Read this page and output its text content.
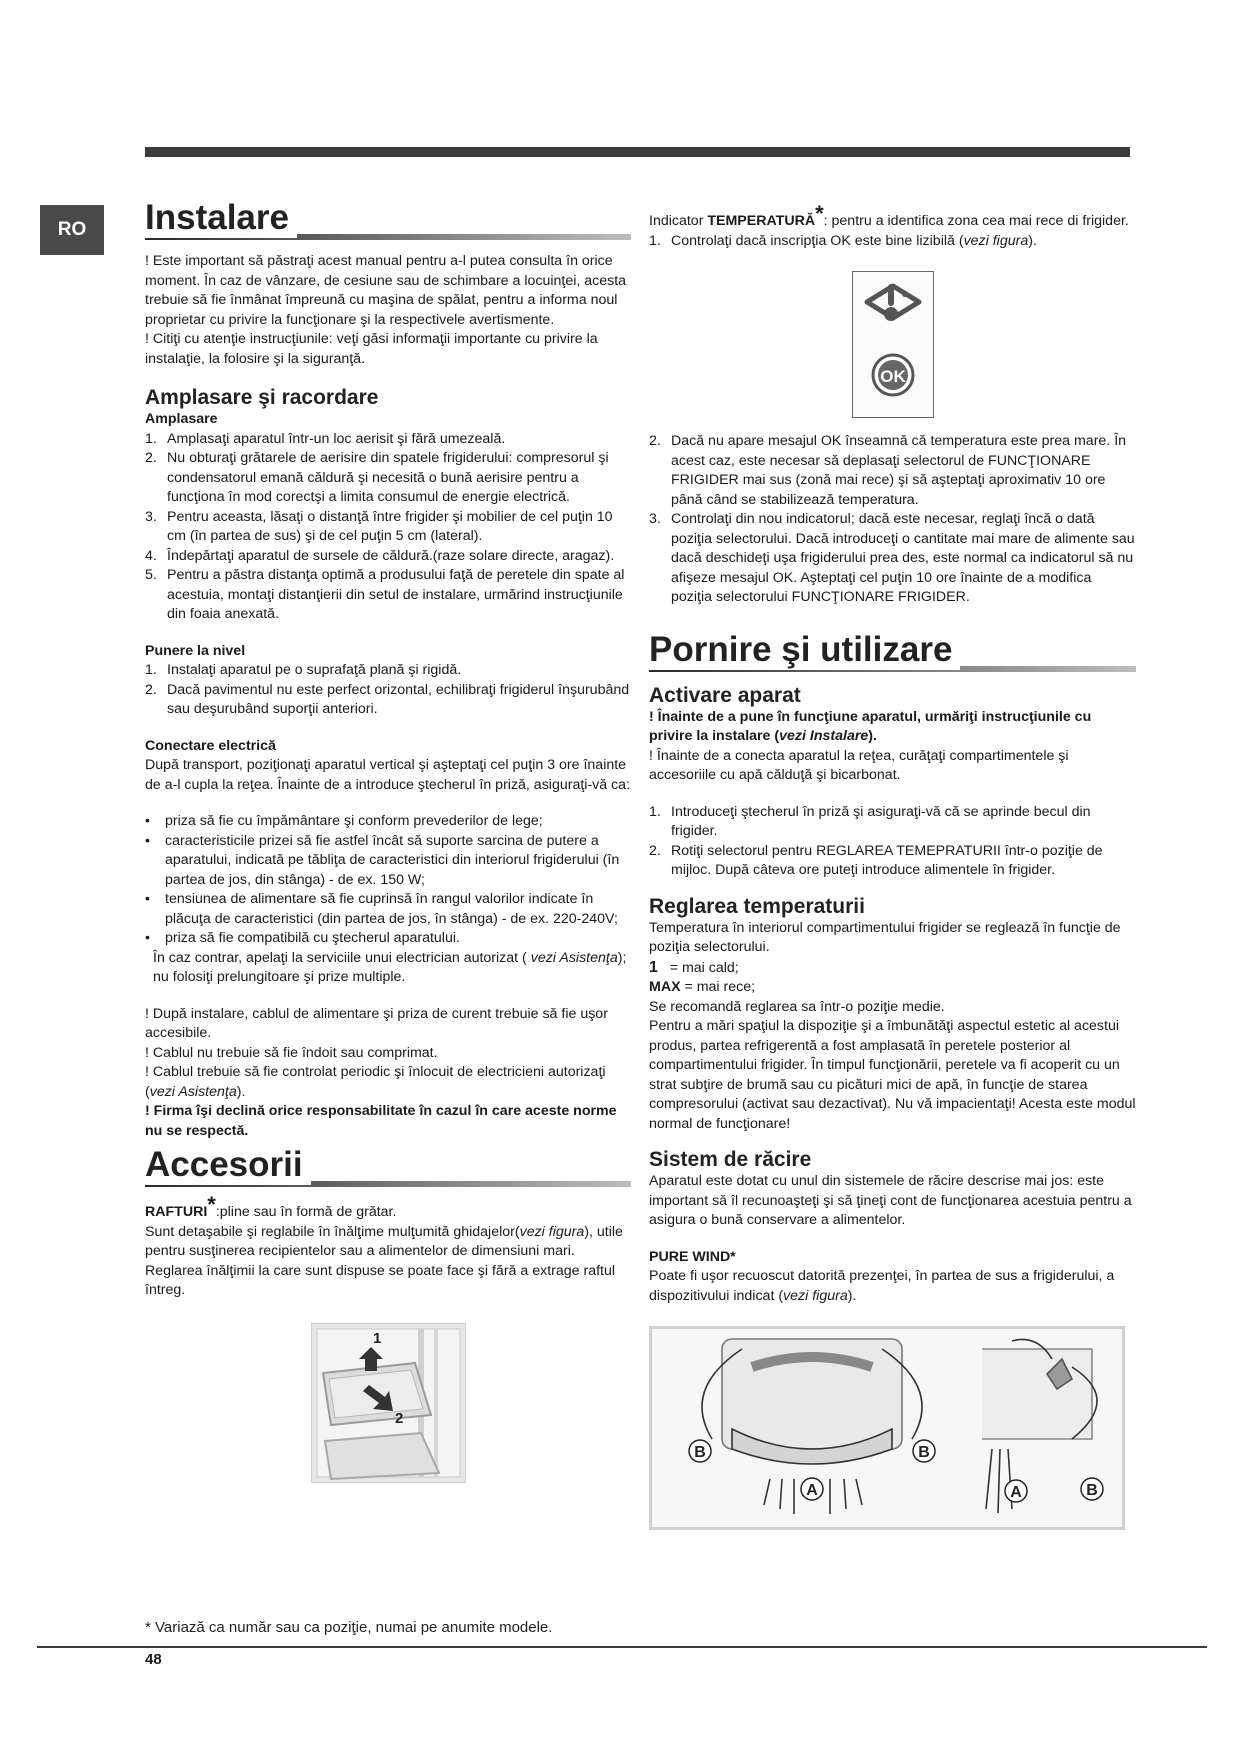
RO	Instalare

! Este important să păstraţi acest manual pentru a-l putea consulta în orice moment. În caz de vânzare, de cesiune sau de schimbare a locuinţei, acesta trebuie să fie înmânat împreună cu maşina de spălat, pentru a informa noul proprietar cu privire la funcţionare şi la respectivele avertismente.

! Citiţi cu atenţie instrucţiunile: veţi găsi informaţii importante cu privire la instalaţie, la folosire şi la siguranţă.

Amplasare şi racordare

Amplasare

1. Amplasaţi aparatul într-un loc aerisit şi fără umezeală.
2. Nu obturaţi grătarele de aerisire din spatele frigiderului: compresorul şi condensatorul emană căldură şi necesită o bună aerisire pentru a funcţiona în mod corectşi a limita consumul de energie electrică.
3. Pentru aceasta, lăsaţi o distanţă între frigider şi mobilier de cel puţin 10 cm (în partea de sus) şi de cel puţin 5 cm (lateral).
4. Îndepărtaţi aparatul de sursele de căldură.(raze solare directe, aragaz).
5. Pentru a păstra distanţa optimă a produsului faţă de peretele din spate al acestuia, montaţi distanţierii din setul de instalare, urmărind instrucţiunile din foaia anexată.

Punere la nivel

1. Instalaţi aparatul pe o suprafaţă plană şi rigidă.
2. Dacă pavimentul nu este perfect orizontal, echilibraţi frigiderul înşurubând sau deşurubând suporţii anteriori.

Conectare electrică

După transport, poziţionaţi aparatul vertical şi aşteptaţi cel puţin 3 ore înainte de a-l cupla la reţea. Înainte de a introduce ştecherul în priză, asiguraţi-vă ca:

• priza să fie cu împământare şi conform prevederilor de lege;
• caracteristicile prizei să fie astfel încât să suporte sarcina de putere a aparatului, indicată pe tăbliţa de caracteristici din interiorul frigiderului (în partea de jos, din stânga) - de ex. 150 W;
• tensiunea de alimentare să fie cuprinsă în rangul valorilor indicate în plăcuţa de caracteristici (din partea de jos, în stânga) - de ex. 220-240V;
• priza să fie compatibilă cu ştecherul aparatului.

În caz contrar, apelaţi la serviciile unui electrician autorizat ( vezi Asistenţa); nu folosiţi prelungitoare şi prize multiple.

! După instalare, cablul de alimentare şi priza de curent trebuie să fie uşor accesibile.

! Cablul nu trebuie să fie îndoit sau comprimat.

! Cablul trebuie să fie controlat periodic şi înlocuit de electricieni autorizaţi (vezi Asistenţa).

! Firma îşi declină orice responsabilitate în cazul în care aceste norme nu se respectă.

Accesorii

RAFTURI*:pline sau în formă de grătar.

Sunt detaşabile şi reglabile în înălţime mulţumită ghidajelor(vezi figura), utile pentru susţinerea recipientelor sau a alimentelor de dimensiuni mari. Reglarea înălţimii la care sunt dispuse se poate face şi fără a extrage raftul întreg.

1
2

Indicator TEMPERATURĂ*: pentru a identifica zona cea mai rece di frigider.

1. Controlaţi dacă inscripţia OK este bine lizibilă (vezi figura).
OK
2. Dacă nu apare mesajul OK înseamnă că temperatura este prea mare. În acest caz, este necesar să deplasaţi selectorul de FUNCŢIONARE FRIGIDER mai sus (zonă mai rece) şi să aşteptaţi aproximativ 10 ore până când se stabilizează temperatura.
3. Controlaţi din nou indicatorul; dacă este necesar, reglaţi încă o dată poziţia selectorului. Dacă introduceţi o cantitate mai mare de alimente sau dacă deschideţi uşa frigiderului prea des, este normal ca indicatorul să nu afişeze mesajul OK. Aşteptaţi cel puţin 10 ore înainte de a modifica poziţia selectorului FUNCŢIONARE FRIGIDER.
Pornire şi utilizare
Activare aparat

! Înainte de a pune în funcţiune aparatul, urmăriţi instrucţiunile cu privire la instalare (vezi Instalare).

! Înainte de a conecta aparatul la reţea, curăţaţi compartimentele şi accesoriile cu apă călduţă şi bicarbonat.

1. Introduceţi ştecherul în priză şi asiguraţi-vă că se aprinde becul din frigider.
2. Rotiţi selectorul pentru REGLAREA TEMEPRATURII într-o poziţie de mijloc. După câteva ore puteţi introduce alimentele în frigider.
Reglarea temperaturii

Temperatura în interiorul compartimentului frigider se reglează în funcţie de poziţia selectorului.

1   = mai cald;

MAX = mai rece;

Se recomandă reglarea sa într-o poziţie medie.

Pentru a mări spaţiul la dispoziţie şi a îmbunătăţi aspectul estetic al acestui produs, partea refrigerentă a fost amplasată în peretele posterior al compartimentului frigider. În timpul funcţionării, peretele va fi acoperit cu un strat subţire de brumă sau cu picături mici de apă, în funcţie de starea compresorului (activat sau dezactivat). Nu vă impacientaţi! Acesta este modul normal de funcţionare!

Sistem de răcire

Aparatul este dotat cu unul din sistemele de răcire descrise mai jos: este important să îl recunoaşteţi şi să ţineţi cont de funcţionarea acestuia pentru a asigura o bună conservare a alimentelor.

PURE WIND*

Poate fi uşor recuoscut datorită prezenţei, în partea de sus a frigiderului, a dispozitivului indicat (vezi figura).

B	B
A	A	B
* Variază ca număr sau ca poziţie, numai pe anumite modele.
48
